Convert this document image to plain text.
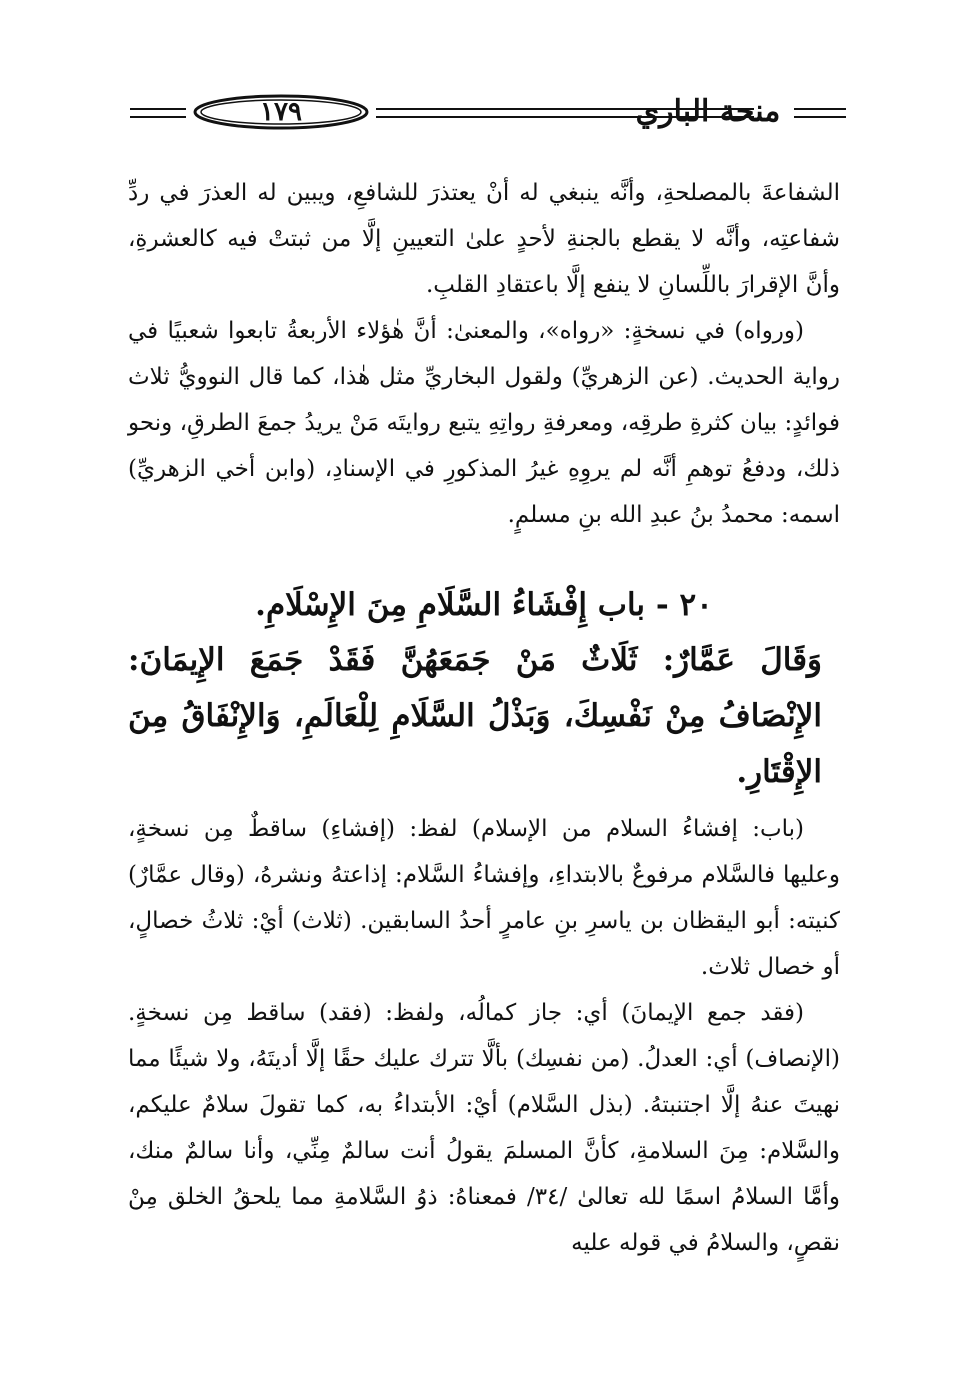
١٧٩	منحة الباري

الشفاعةَ بالمصلحةِ، وأنَّه ينبغي له أنْ يعتذرَ للشافعِ، ويبين له العذرَ في ردِّ شفاعتِه، وأنَّه لا يقطع بالجنةِ لأحدٍ علىٰ التعيينِ إلَّا من ثبتتْ فيه كالعشرةِ، وأنَّ الإقرارَ باللِّسانِ لا ينفع إلَّا باعتقادِ القلبِ.

(ورواه) في نسخةٍ: «رواه»، والمعنىٰ: أنَّ هٰؤلاء الأربعةُ تابعوا شعبيًا في رواية الحديث. (عن الزهريِّ) ولقول البخاريِّ مثل هٰذا، كما قال النوويُّ ثلاث فوائدٍ: بيان كثرةِ طرقِه، ومعرفةِ رواتِهِ يتبع روايتَه مَنْ يريدُ جمعَ الطرقِ، ونحو ذلك، ودفعُ توهمِ أنَّه لم يروِهِ غيرُ المذكورِ في الإسنادِ، (وابن أخي الزهريِّ) اسمه: محمدُ بنُ عبدِ الله بنِ مسلمٍ.

٢٠ - باب إِفْشَاءُ السَّلَامِ مِنَ الإِسْلَامِ.

وَقَالَ عَمَّارٌ: ثَلَاثٌ مَنْ جَمَعَهُنَّ فَقَدْ جَمَعَ الإِيمَانَ: الإِنْصَافُ مِنْ نَفْسِكَ، وَبَذْلُ السَّلَامِ لِلْعَالَمِ، وَالإِنْفَاقُ مِنَ الإِقْتَارِ.

(باب: إفشاءُ السلام من الإسلام) لفظ: (إفشاءِ) ساقطٌ مِن نسخةٍ، وعليها فالسَّلام مرفوعٌ بالابتداءِ، وإفشاءُ السَّلام: إذاعتهُ ونشرهُ، (وقال عمَّارٌ) كنيته: أبو اليقظان بن ياسرِ بنِ عامرٍ أحدُ السابقين. (ثلاث) أيْ: ثلاثُ خصالٍ، أو خصال ثلاث.

(فقد جمع الإيمانَ) أي: جاز كمالُه، ولفظ: (فقد) ساقط مِن نسخةٍ. (الإنصاف) أي: العدلُ. (من نفسِك) بألَّا تترك عليك حقًا إلَّا أديتَهُ، ولا شيئًا مما نهيتَ عنهُ إلَّا اجتنبتهُ. (بذل السَّلام) أيْ: الأبتداءُ به، كما تقولَ سلامٌ عليكم، والسَّلام: مِنَ السلامةِ، كأنَّ المسلمَ يقولُ أنت سالمٌ مِنِّي، وأنا سالمٌ منك، وأمَّا السلامُ اسمًا لله تعالىٰ /٣٤/ فمعناهُ: ذوُ السَّلامةِ مما يلحقُ الخلق مِنْ نقصٍ، والسلامُ في قوله عليه
